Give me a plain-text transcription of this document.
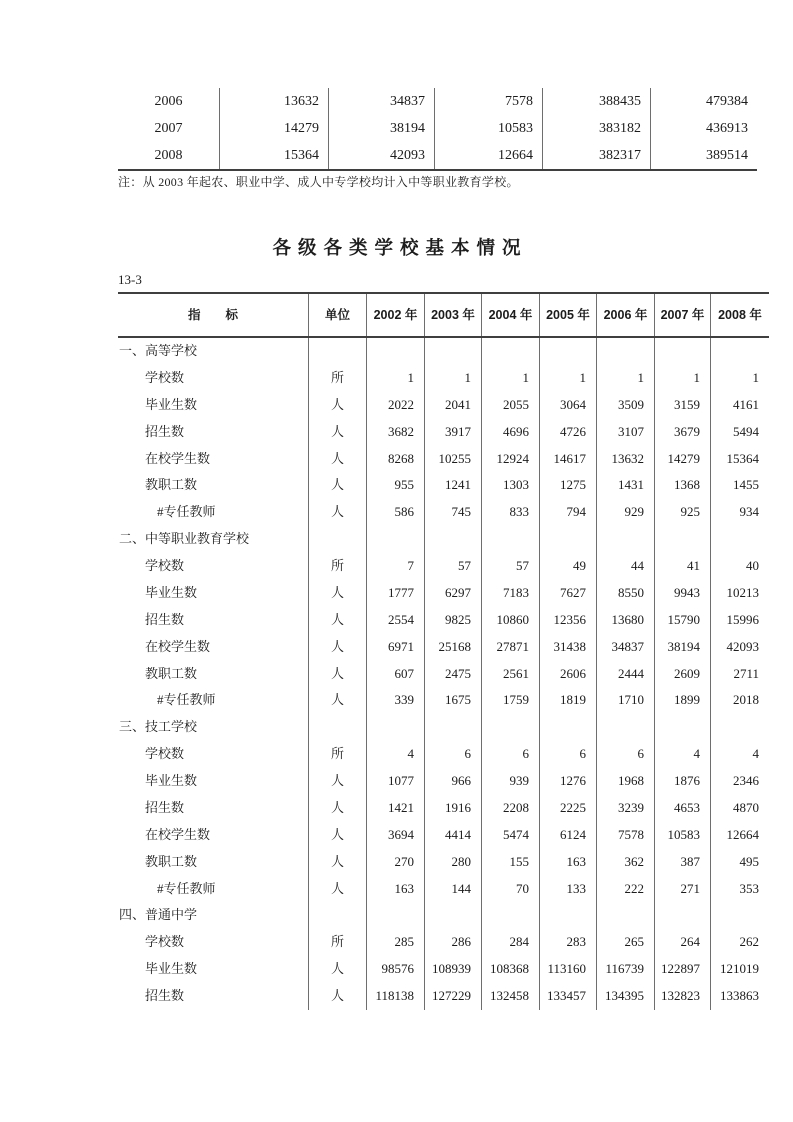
2006	13632	34837	7578	388435	479384
2007	14279	38194	10583	383182	436913
2008	15364	42093	12664	382317	389514
注：从 2003 年起农、职业中学、成人中专学校均计入中等职业教育学校。
各级各类学校基本情况
13-3
指　　标	单位	2002 年	2003 年	2004 年	2005 年	2006 年	2007 年	2008 年
一、高等学校
学校数	所	1	1	1	1	1	1	1
毕业生数	人	2022	2041	2055	3064	3509	3159	4161
招生数	人	3682	3917	4696	4726	3107	3679	5494
在校学生数	人	8268	10255	12924	14617	13632	14279	15364
教职工数	人	955	1241	1303	1275	1431	1368	1455
#专任教师	人	586	745	833	794	929	925	934
二、中等职业教育学校
学校数	所	7	57	57	49	44	41	40
毕业生数	人	1777	6297	7183	7627	8550	9943	10213
招生数	人	2554	9825	10860	12356	13680	15790	15996
在校学生数	人	6971	25168	27871	31438	34837	38194	42093
教职工数	人	607	2475	2561	2606	2444	2609	2711
#专任教师	人	339	1675	1759	1819	1710	1899	2018
三、技工学校
学校数	所	4	6	6	6	6	4	4
毕业生数	人	1077	966	939	1276	1968	1876	2346
招生数	人	1421	1916	2208	2225	3239	4653	4870
在校学生数	人	3694	4414	5474	6124	7578	10583	12664
教职工数	人	270	280	155	163	362	387	495
#专任教师	人	163	144	70	133	222	271	353
四、普通中学
学校数	所	285	286	284	283	265	264	262
毕业生数	人	98576	108939	108368	113160	116739	122897	121019
招生数	人	118138	127229	132458	133457	134395	132823	133863
